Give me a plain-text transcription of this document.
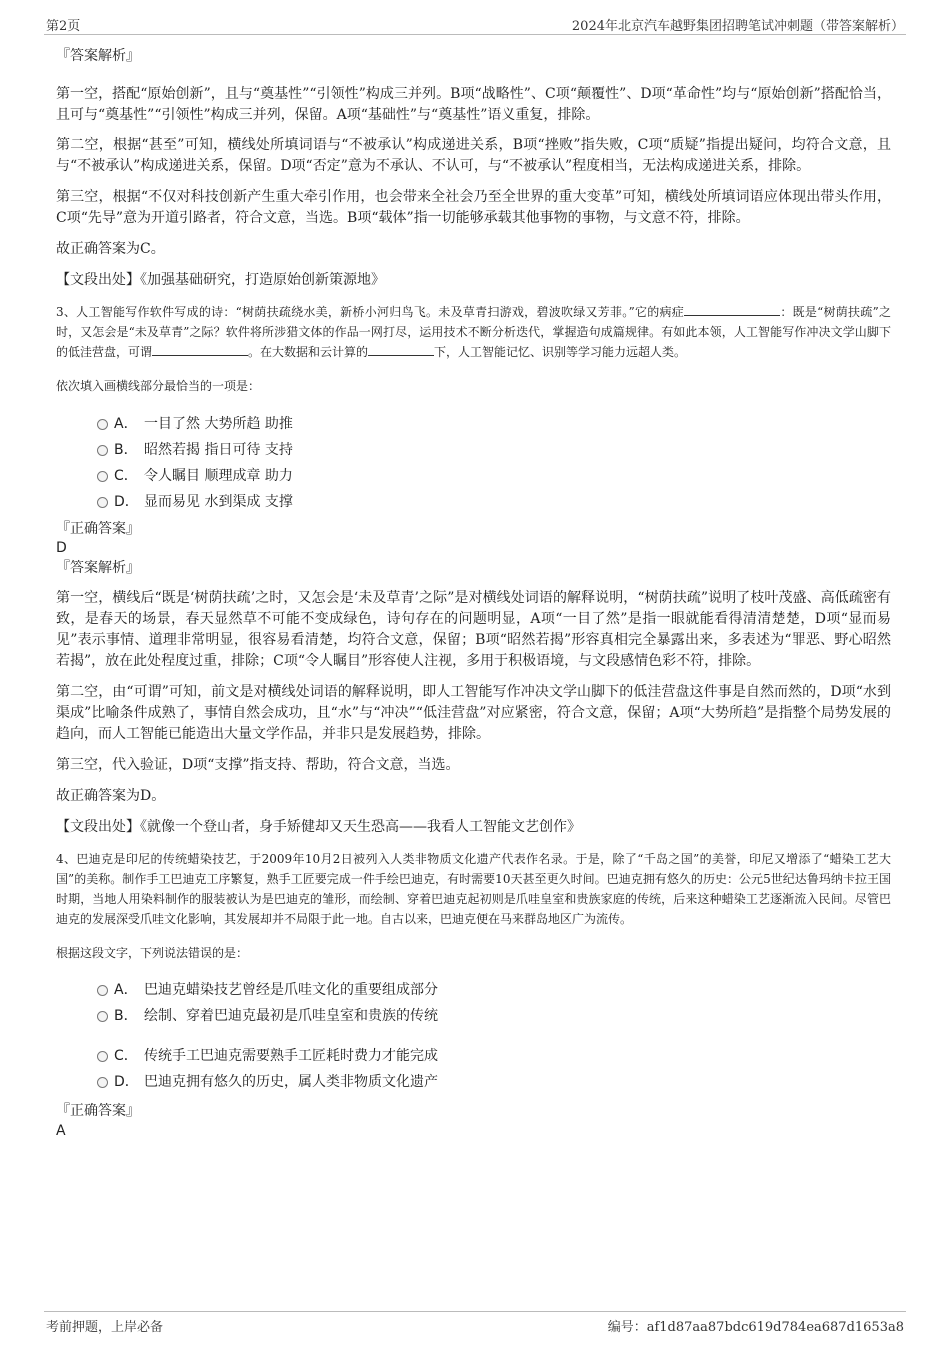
第2页	2024年北京汽车越野集团招聘笔试冲刺题（带答案解析）

『答案解析』

第一空，搭配“原始创新”，且与“奠基性”“引领性”构成三并列。B项“战略性”、C项“颠覆性”、D项“革命性”均与“原始创新”搭配恰当，且可与“奠基性”“引领性”构成三并列，保留。A项“基础性”与“奠基性”语义重复，排除。

第二空，根据“甚至”可知，横线处所填词语与“不被承认”构成递进关系，B项“挫败”指失败，C项“质疑”指提出疑问，均符合文意，且与“不被承认”构成递进关系，保留。D项“否定”意为不承认、不认可，与“不被承认”程度相当，无法构成递进关系，排除。

第三空，根据“不仅对科技创新产生重大牵引作用，也会带来全社会乃至全世界的重大变革”可知，横线处所填词语应体现出带头作用，C项“先导”意为开道引路者，符合文意，当选。B项“载体”指一切能够承载其他事物的事物，与文意不符，排除。

故正确答案为C。

【文段出处】《加强基础研究，打造原始创新策源地》

3、人工智能写作软件写成的诗：“树荫扶疏绕水美，新桥小河归鸟飞。未及草青扫游戏，碧波吹绿又芳菲。”它的病症	：既是“树荫扶疏”之时，又怎会是“未及草青”之际？软件将所涉猎文体的作品一网打尽，运用技术不断分析迭代，掌握造句成篇规律。有如此本领，人工智能写作冲决文学山脚下的低洼营盘，可谓	。在大数据和云计算的	下，人工智能记忆、识别等学习能力远超人类。

依次填入画横线部分最恰当的一项是：

A． 一目了然 大势所趋 助推
B． 昭然若揭 指日可待 支持
C． 令人瞩目 顺理成章 助力
D． 显而易见 水到渠成 支撑

『正确答案』

D

『答案解析』

第一空，横线后“既是‘树荫扶疏’之时，又怎会是‘未及草青’之际”是对横线处词语的解释说明，“树荫扶疏”说明了枝叶茂盛、高低疏密有致，是春天的场景，春天显然草不可能不变成绿色，诗句存在的问题明显，A项“一目了然”是指一眼就能看得清清楚楚，D项“显而易见”表示事情、道理非常明显，很容易看清楚，均符合文意，保留；B项“昭然若揭”形容真相完全暴露出来，多表述为“罪恶、野心昭然若揭”，放在此处程度过重，排除；C项“令人瞩目”形容使人注视，多用于积极语境，与文段感情色彩不符，排除。

第二空，由“可谓”可知，前文是对横线处词语的解释说明，即人工智能写作冲决文学山脚下的低洼营盘这件事是自然而然的，D项“水到渠成”比喻条件成熟了，事情自然会成功，且“水”与“冲决”“低洼营盘”对应紧密，符合文意，保留；A项“大势所趋”是指整个局势发展的趋向，而人工智能已能造出大量文学作品，并非只是发展趋势，排除。

第三空，代入验证，D项“支撑”指支持、帮助，符合文意，当选。

故正确答案为D。

【文段出处】《就像一个登山者，身手矫健却又天生恐高——我看人工智能文艺创作》

4、巴迪克是印尼的传统蜡染技艺，于2009年10月2日被列入人类非物质文化遗产代表作名录。于是，除了“千岛之国”的美誉，印尼又增添了“蜡染工艺大国”的美称。制作手工巴迪克工序繁复，熟手工匠要完成一件手绘巴迪克，有时需要10天甚至更久时间。巴迪克拥有悠久的历史：公元5世纪达鲁玛纳卡拉王国时期，当地人用染料制作的服装被认为是巴迪克的雏形，而绘制、穿着巴迪克起初则是爪哇皇室和贵族家庭的传统，后来这种蜡染工艺逐渐流入民间。尽管巴迪克的发展深受爪哇文化影响，其发展却并不局限于此一地。自古以来，巴迪克便在马来群岛地区广为流传。

根据这段文字，下列说法错误的是：

A． 巴迪克蜡染技艺曾经是爪哇文化的重要组成部分
B． 绘制、穿着巴迪克最初是爪哇皇室和贵族的传统
C． 传统手工巴迪克需要熟手工匠耗时费力才能完成
D． 巴迪克拥有悠久的历史，属人类非物质文化遗产

『正确答案』

A

考前押题，上岸必备	编号：af1d87aa87bdc619d784ea687d1653a8
